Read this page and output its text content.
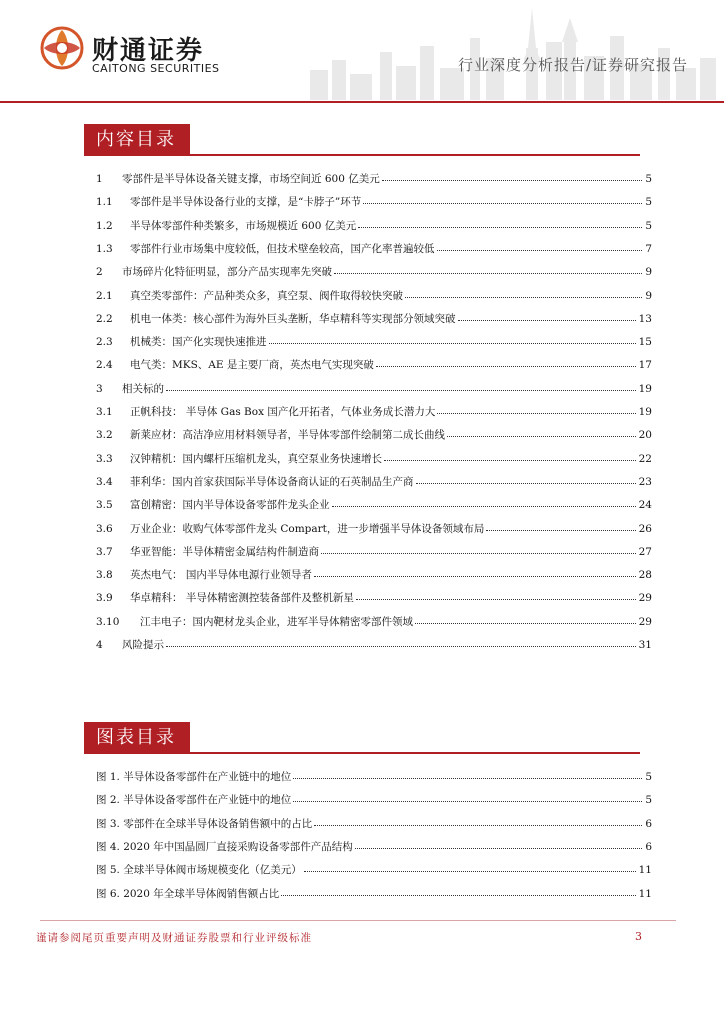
财通证券
CAITONG SECURITIES	行业深度分析报告/证券研究报告
内容目录
1 零部件是半导体设备关键支撑，市场空间近 600 亿美元	5
1.1 零部件是半导体设备行业的支撑，是“卡脖子”环节	5
1.2 半导体零部件种类繁多，市场规模近 600 亿美元	5
1.3 零部件行业市场集中度较低，但技术壁垒较高，国产化率普遍较低	7
2 市场碎片化特征明显，部分产品实现率先突破	9
2.1 真空类零部件：产品种类众多，真空泵、阀件取得较快突破	9
2.2 机电一体类：核心部件为海外巨头垄断，华卓精科等实现部分领域突破	13
2.3 机械类：国产化实现快速推进	15
2.4 电气类：MKS、AE 是主要厂商，英杰电气实现突破	17
3 相关标的	19
3.1 正帆科技： 半导体 Gas Box 国产化开拓者，气体业务成长潜力大	19
3.2 新莱应材：高洁净应用材料领导者，半导体零部件绘制第二成长曲线	20
3.3 汉钟精机：国内螺杆压缩机龙头，真空泵业务快速增长	22
3.4 菲利华：国内首家获国际半导体设备商认证的石英制品生产商	23
3.5 富创精密：国内半导体设备零部件龙头企业	24
3.6 万业企业：收购气体零部件龙头 Compart，进一步增强半导体设备领域布局	26
3.7 华亚智能：半导体精密金属结构件制造商	27
3.8 英杰电气： 国内半导体电源行业领导者	28
3.9 华卓精科： 半导体精密测控装备部件及整机新星	29
3.10 江丰电子：国内靶材龙头企业，进军半导体精密零部件领域	29
4 风险提示	31
图表目录
图 1. 半导体设备零部件在产业链中的地位	5
图 2. 半导体设备零部件在产业链中的地位	5
图 3. 零部件在全球半导体设备销售额中的占比	6
图 4. 2020 年中国晶圆厂直接采购设备零部件产品结构	6
图 5. 全球半导体阀市场规模变化（亿美元）	11
图 6. 2020 年全球半导体阀销售额占比	11
谨请参阅尾页重要声明及财通证券股票和行业评级标准	3
